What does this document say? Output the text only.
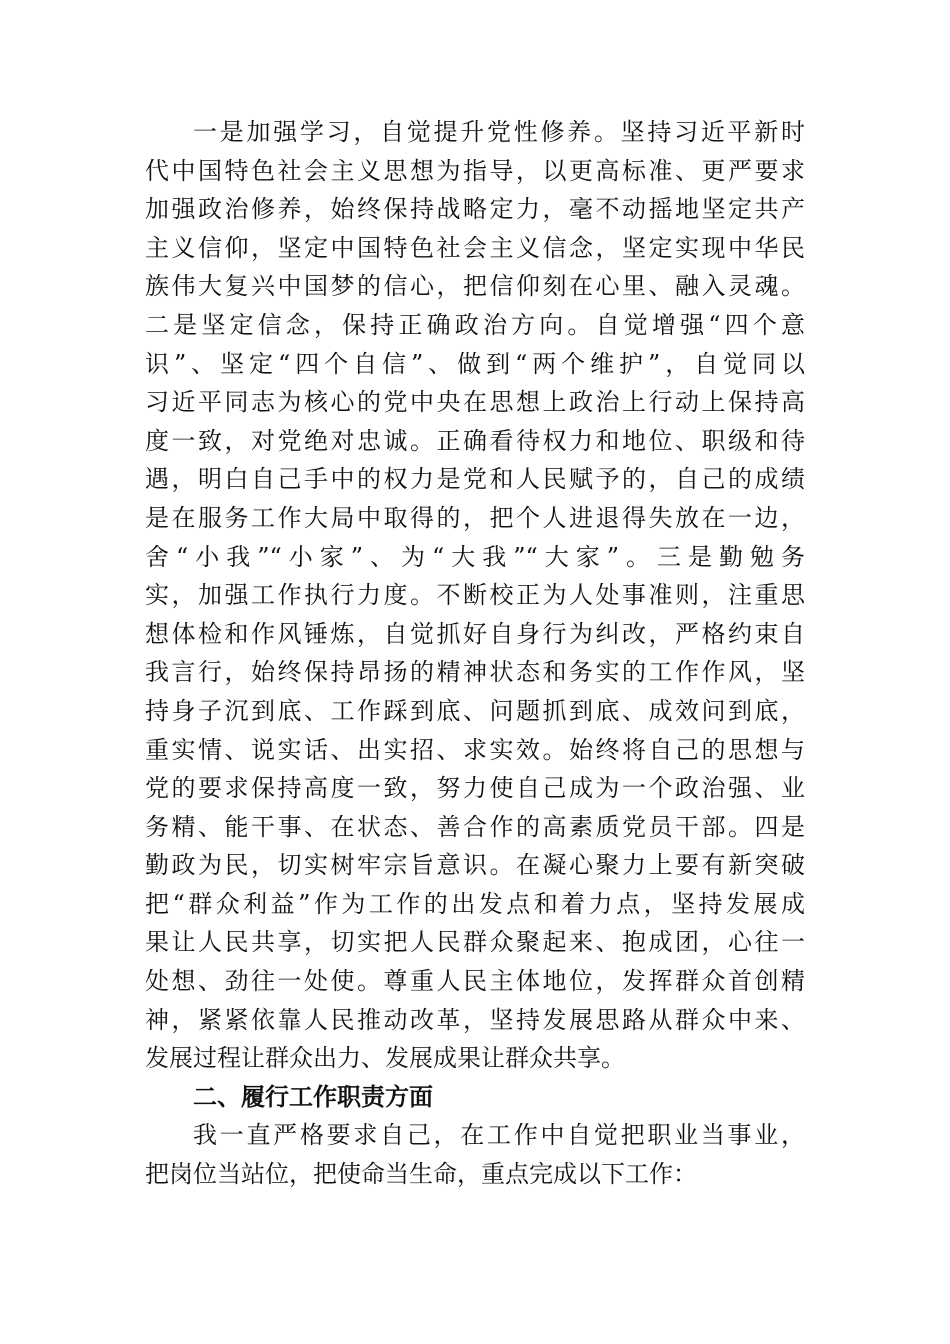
一是加强学习，自觉提升党性修养。坚持习近平新时
代中国特色社会主义思想为指导，以更高标准、更严要求
加强政治修养，始终保持战略定力，毫不动摇地坚定共产
主义信仰，坚定中国特色社会主义信念，坚定实现中华民
族伟大复兴中国梦的信心，把信仰刻在心里、融入灵魂。
二是坚定信念，保持正确政治方向。自觉增强“四个意
识”、坚定“四个自信”、做到“两个维护”，自觉同以
习近平同志为核心的党中央在思想上政治上行动上保持高
度一致，对党绝对忠诚。正确看待权力和地位、职级和待
遇，明白自己手中的权力是党和人民赋予的，自己的成绩
是在服务工作大局中取得的，把个人进退得失放在一边，
舍“小我”“小家”、为“大我”“大家”。三是勤勉务
实，加强工作执行力度。不断校正为人处事准则，注重思
想体检和作风锤炼，自觉抓好自身行为纠改，严格约束自
我言行，始终保持昂扬的精神状态和务实的工作作风，坚
持身子沉到底、工作踩到底、问题抓到底、成效问到底，
重实情、说实话、出实招、求实效。始终将自己的思想与
党的要求保持高度一致，努力使自己成为一个政治强、业
务精、能干事、在状态、善合作的高素质党员干部。四是
勤政为民，切实树牢宗旨意识。在凝心聚力上要有新突破
把“群众利益”作为工作的出发点和着力点，坚持发展成
果让人民共享，切实把人民群众聚起来、抱成团，心往一
处想、劲往一处使。尊重人民主体地位，发挥群众首创精
神，紧紧依靠人民推动改革，坚持发展思路从群众中来、
发展过程让群众出力、发展成果让群众共享。
二、履行工作职责方面
我一直严格要求自己，在工作中自觉把职业当事业，
把岗位当站位，把使命当生命，重点完成以下工作：
